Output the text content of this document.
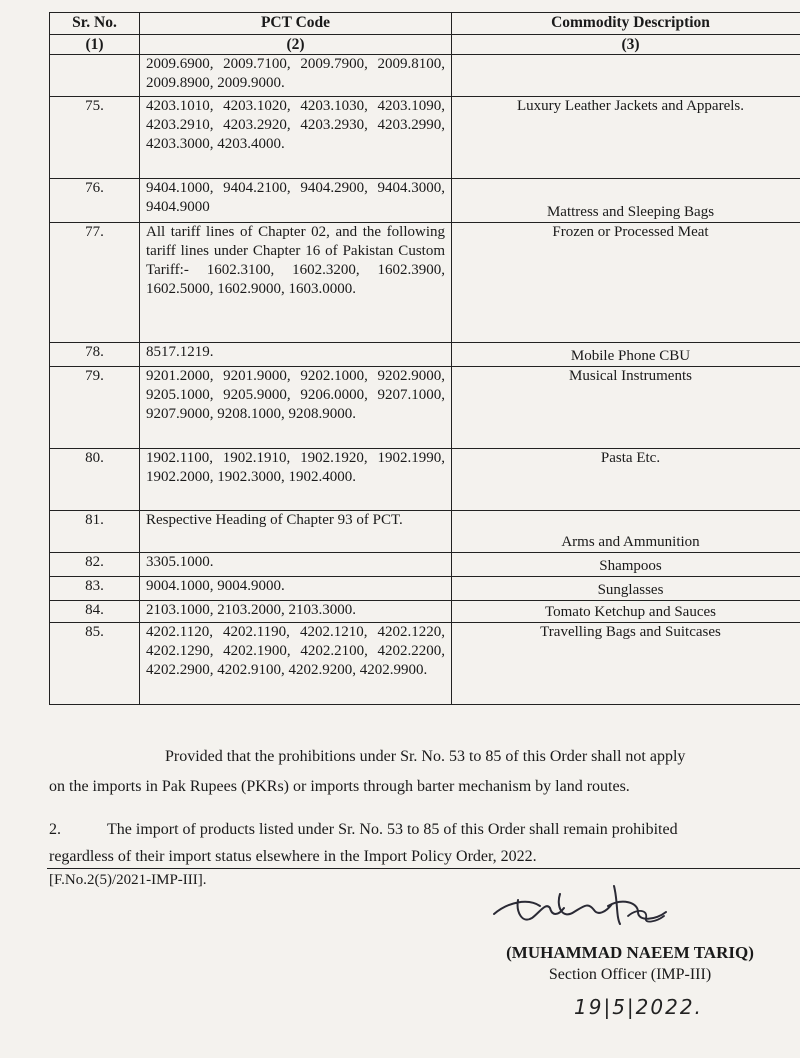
Sr. No.	PCT Code	Commodity Description
(1)	(2)	(3)
	2009.6900, 2009.7100, 2009.7900, 2009.8100, 2009.8900, 2009.9000.	
75.	4203.1010, 4203.1020, 4203.1030, 4203.1090, 4203.2910, 4203.2920, 4203.2930, 4203.2990, 4203.3000, 4203.4000.	Luxury Leather Jackets and Apparels.
76.	9404.1000, 9404.2100, 9404.2900, 9404.3000, 9404.9000	Mattress and Sleeping Bags
77.	All tariff lines of Chapter 02, and the following tariff lines under Chapter 16 of Pakistan Custom Tariff:- 1602.3100, 1602.3200, 1602.3900, 1602.5000, 1602.9000, 1603.0000.	Frozen or Processed Meat
78.	8517.1219.	Mobile Phone CBU
79.	9201.2000, 9201.9000, 9202.1000, 9202.9000, 9205.1000, 9205.9000, 9206.0000, 9207.1000, 9207.9000, 9208.1000, 9208.9000.	Musical Instruments
80.	1902.1100, 1902.1910, 1902.1920, 1902.1990, 1902.2000, 1902.3000, 1902.4000.	Pasta Etc.
81.	Respective Heading of Chapter 93 of PCT.	Arms and Ammunition
82.	3305.1000.	Shampoos
83.	9004.1000, 9004.9000.	Sunglasses
84.	2103.1000, 2103.2000, 2103.3000.	Tomato Ketchup and Sauces
85.	4202.1120, 4202.1190, 4202.1210, 4202.1220, 4202.1290, 4202.1900, 4202.2100, 4202.2200, 4202.2900, 4202.9100, 4202.9200, 4202.9900.	Travelling Bags and Suitcases
Provided that the prohibitions under Sr. No. 53 to 85 of this Order shall not apply
on the imports in Pak Rupees (PKRs) or imports through barter mechanism by land routes.
2.	The import of products listed under Sr. No. 53 to 85 of this Order shall remain prohibited
regardless of their import status elsewhere in the Import Policy Order, 2022.
[F.No.2(5)/2021-IMP-III].
(MUHAMMAD NAEEM TARIQ)
Section Officer (IMP-III)
19|5|2022.
